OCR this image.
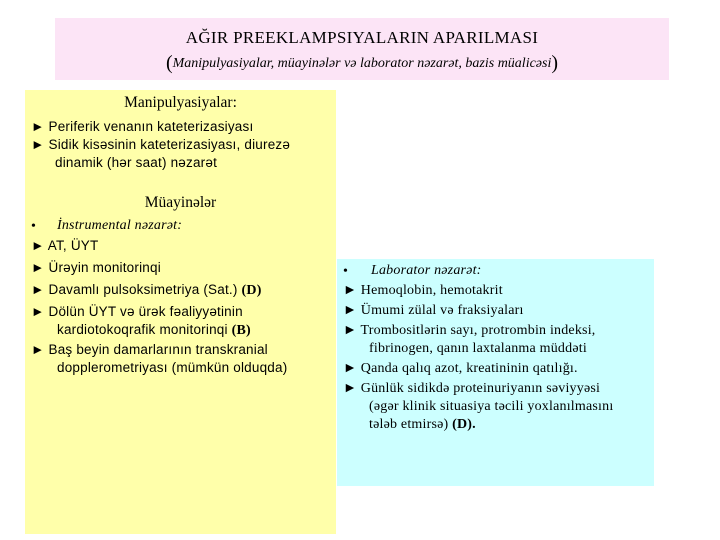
AĞIR PREEKLAMPSIYALARIN APARILMASI
(Manipulyasiyalar, müayinələr və laborator nəzarət, bazis müalicəsi)
Manipulyasiyalar:
► Periferik venanın kateterizasiyası
► Sidik kisəsinin kateterizasiyası, diurezə
dinamik (hər saat) nəzarət
Müayinələr
• İnstrumental nəzarət:
► AT, ÜYT
► Ürəyin monitorinqi
► Davamlı pulsoksimetriya (Sat.) (D)
► Dölün ÜYT və ürək fəaliyyətinin
kardiotokoqrafik monitorinqi (B)
► Baş beyin damarlarının transkranial
dopplerometriyası (mümkün olduqda)
• Laborator nəzarət:
► Hemoqlobin, hemotakrit
► Ümumi zülal və fraksiyaları
► Trombositlərin sayı, protrombin indeksi,
fibrinogen, qanın laxtalanma müddəti
► Qanda qalıq azot, kreatininin qatılığı.
► Günlük sidikdə proteinuriyanın səviyyəsi
(əgər klinik situasiya təcili yoxlanılmasını
tələb etmirsə) (D).
